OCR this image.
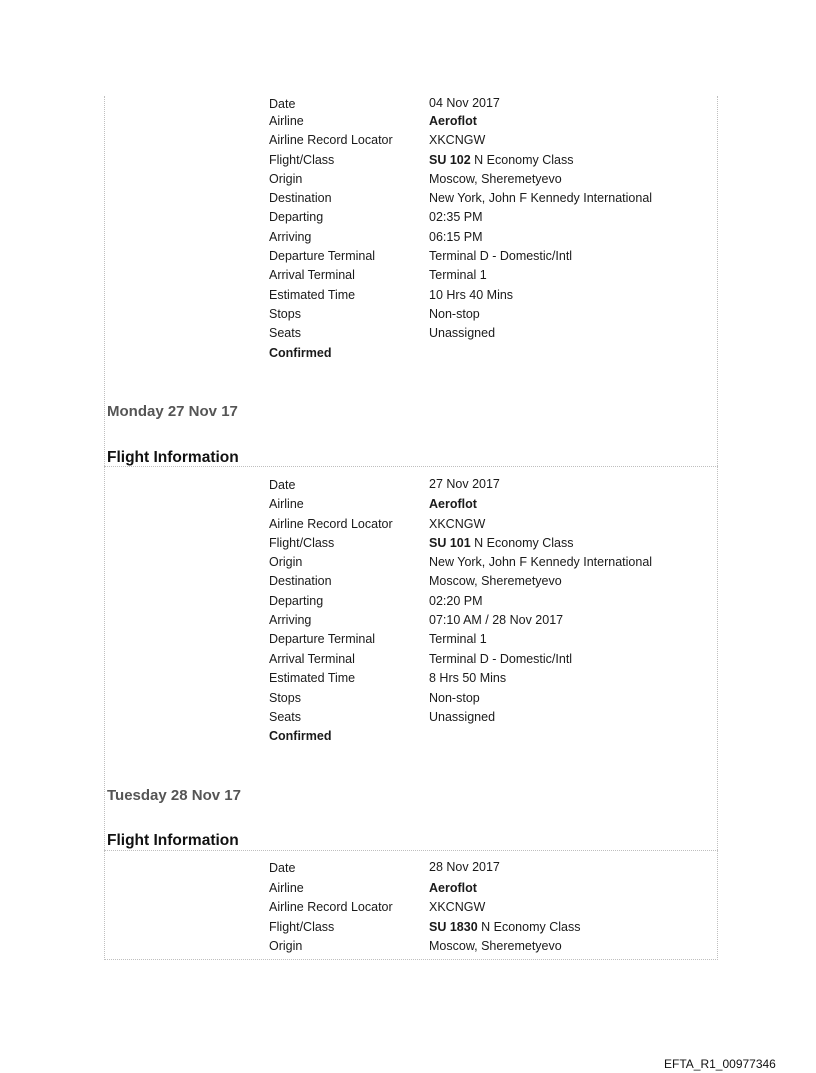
Date	04 Nov 2017
Airline	Aeroflot
Airline Record Locator	XKCNGW
Flight/Class	SU 102 N Economy Class
Origin	Moscow, Sheremetyevo
Destination	New York, John F Kennedy International
Departing	02:35 PM
Arriving	06:15 PM
Departure Terminal	Terminal D - Domestic/Intl
Arrival Terminal	Terminal 1
Estimated Time	10 Hrs 40 Mins
Stops	Non-stop
Seats	Unassigned
Confirmed
Monday 27 Nov 17
Flight Information
Date	27 Nov 2017
Airline	Aeroflot
Airline Record Locator	XKCNGW
Flight/Class	SU 101 N Economy Class
Origin	New York, John F Kennedy International
Destination	Moscow, Sheremetyevo
Departing	02:20 PM
Arriving	07:10 AM / 28 Nov 2017
Departure Terminal	Terminal 1
Arrival Terminal	Terminal D - Domestic/Intl
Estimated Time	8 Hrs 50 Mins
Stops	Non-stop
Seats	Unassigned
Confirmed
Tuesday 28 Nov 17
Flight Information
Date	28 Nov 2017
Airline	Aeroflot
Airline Record Locator	XKCNGW
Flight/Class	SU 1830 N Economy Class
Origin	Moscow, Sheremetyevo
EFTA_R1_00977346
